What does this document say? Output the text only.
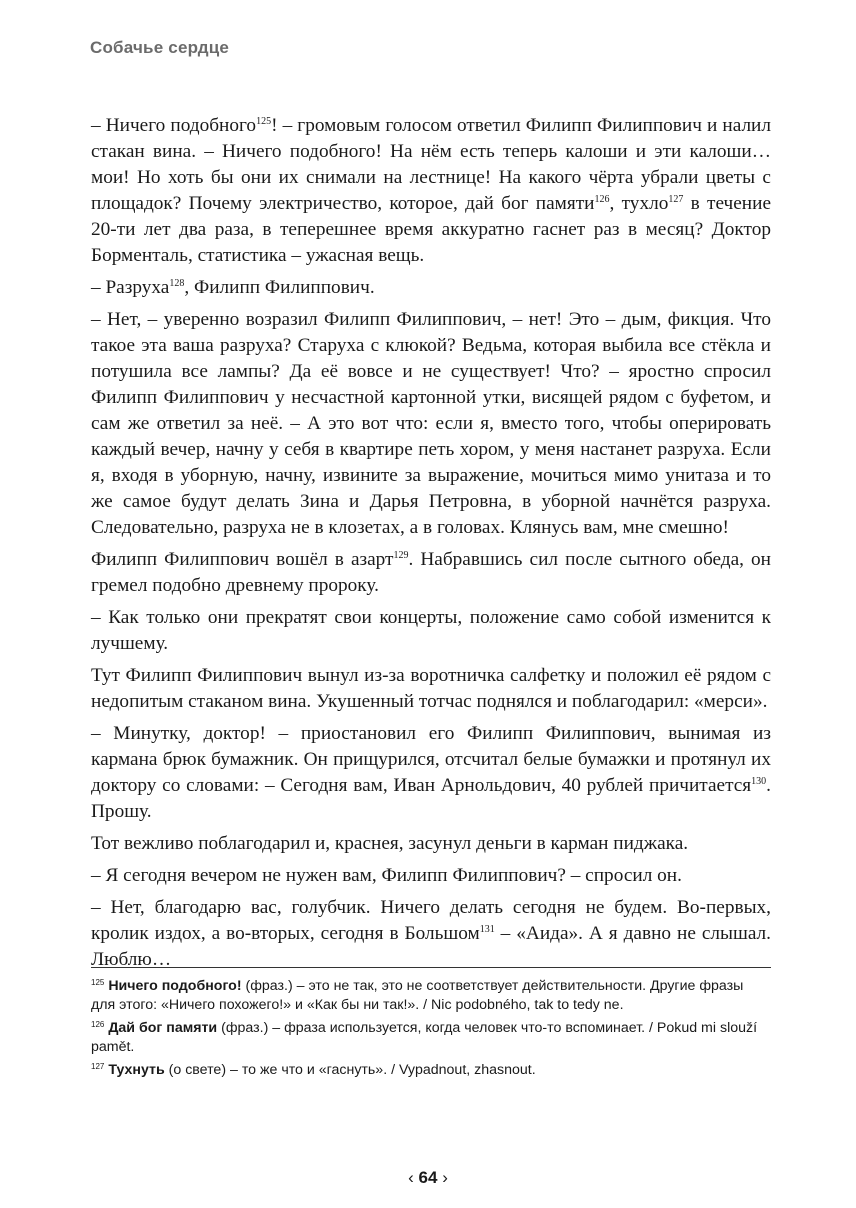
Собачье сердце

– Ничего подобного$^{125}$! – громовым голосом ответил Филипп Филиппович и налил стакан вина. – Ничего подобного! На нём есть теперь калоши и эти калоши… мои! Но хоть бы они их снимали на лестнице! На какого чёрта убрали цветы с площадок? Почему электричество, которое, дай бог памяти$^{126}$, тухло$^{127}$ в течение 20-ти лет два раза, в теперешнее время аккуратно гаснет раз в месяц? Доктор Борменталь, статистика – ужасная вещь.

– Разруха$^{128}$, Филипп Филиппович.

– Нет, – уверенно возразил Филипп Филиппович, – нет! Это – дым, фикция. Что такое эта ваша разруха? Старуха с клюкой? Ведьма, которая выбила все стёкла и потушила все лампы? Да её вовсе и не существует! Что? – яростно спросил Филипп Филиппович у несчастной картонной утки, висящей рядом с буфетом, и сам же ответил за неё. – А это вот что: если я, вместо того, чтобы оперировать каждый вечер, начну у себя в квартире петь хором, у меня настанет разруха. Если я, входя в уборную, начну, извините за выражение, мочиться мимо унитаза и то же самое будут делать Зина и Дарья Петровна, в уборной начнётся разруха. Следовательно, разруха не в клозетах, а в головах. Клянусь вам, мне смешно!

Филипп Филиппович вошёл в азарт$^{129}$. Набравшись сил после сытного обеда, он гремел подобно древнему пророку.

– Как только они прекратят свои концерты, положение само собой изменится к лучшему.

Тут Филипп Филиппович вынул из-за воротничка салфетку и положил её рядом с недопитым стаканом вина. Укушенный тотчас поднялся и поблагодарил: «мерси».

– Минутку, доктор! – приостановил его Филипп Филиппович, вынимая из кармана брюк бумажник. Он прищурился, отсчитал белые бумажки и протянул их доктору со словами: – Сегодня вам, Иван Арнольдович, 40 рублей причитается$^{130}$. Прошу.

Тот вежливо поблагодарил и, краснея, засунул деньги в карман пиджака.

– Я сегодня вечером не нужен вам, Филипп Филиппович? – спросил он.

– Нет, благодарю вас, голубчик. Ничего делать сегодня не будем. Во-первых, кролик издох, а во-вторых, сегодня в Большом$^{131}$ – «Аида». А я давно не слышал. Люблю…

$^{125}$ Ничего подобного! (фраз.) – это не так, это не соответствует действительности. Другие фразы для этого: «Ничего похожего!» и «Как бы ни так!». / Nic podobného, tak to tedy ne.
$^{126}$ Дай бог памяти (фраз.) – фраза используется, когда человек что-то вспоминает. / Pokud mi slouží pamět.
$^{127}$ Тухнуть (о свете) – то же что и «гаснуть». / Vypadnout, zhasnout.
‹ 64 ›
